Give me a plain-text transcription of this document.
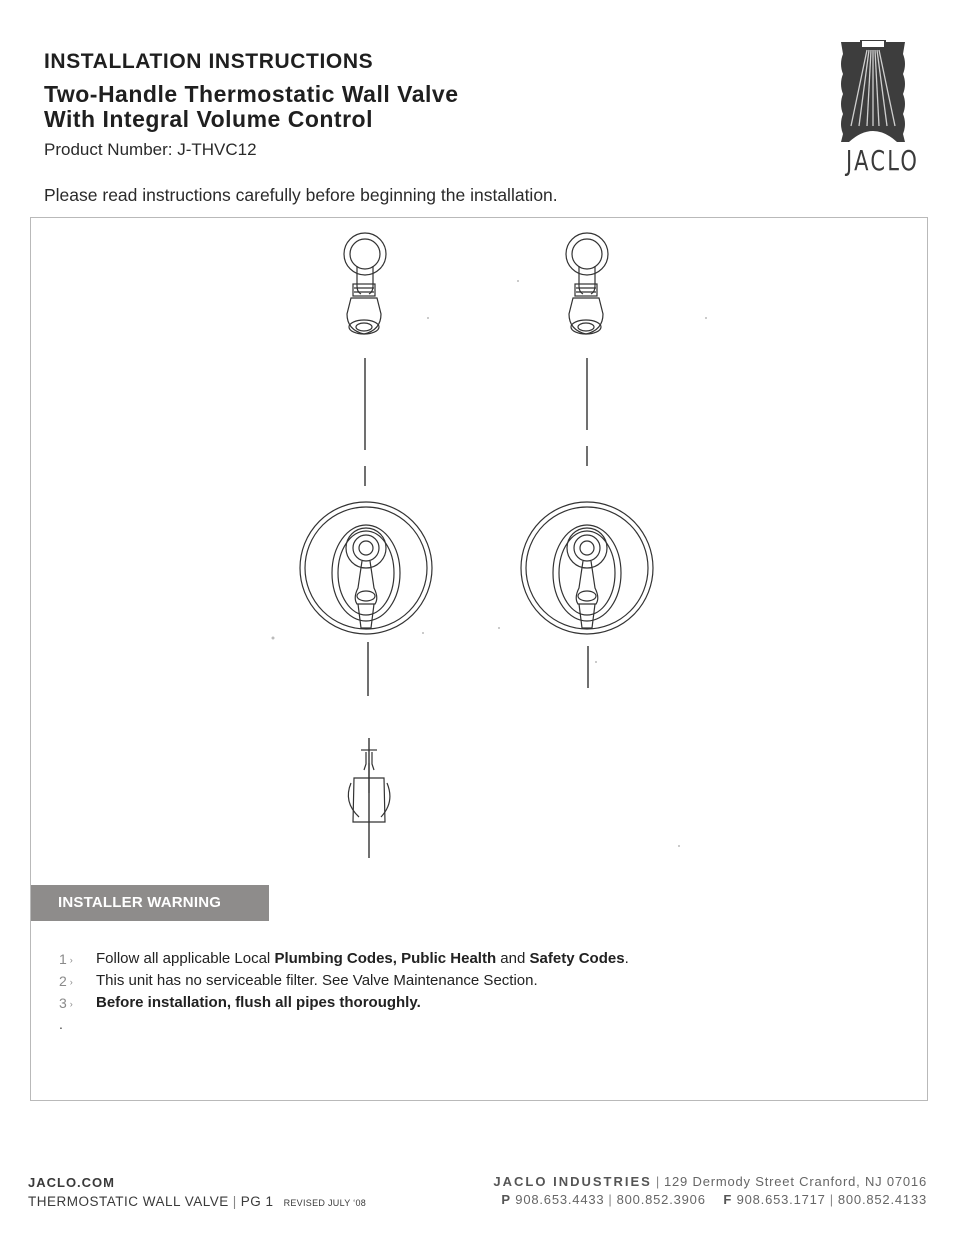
INSTALLATION INSTRUCTIONS
Two-Handle Thermostatic Wall Valve
With Integral Volume Control
Product Number: J-THVC12
Please read instructions carefully before beginning the installation.
JACLO
INSTALLER WARNING
1 › Follow all applicable Local Plumbing Codes, Public Health and Safety Codes.
2 › This unit has no serviceable filter. See Valve Maintenance Section.
3 › Before installation, flush all pipes thoroughly.
.
JACLO.COM
THERMOSTATIC WALL VALVE | PG 1 REVISED JULY ‘08
JACLO INDUSTRIES | 129 Dermody Street Cranford, NJ 07016
P 908.653.4433 | 800.852.3906 F 908.653.1717 | 800.852.4133
